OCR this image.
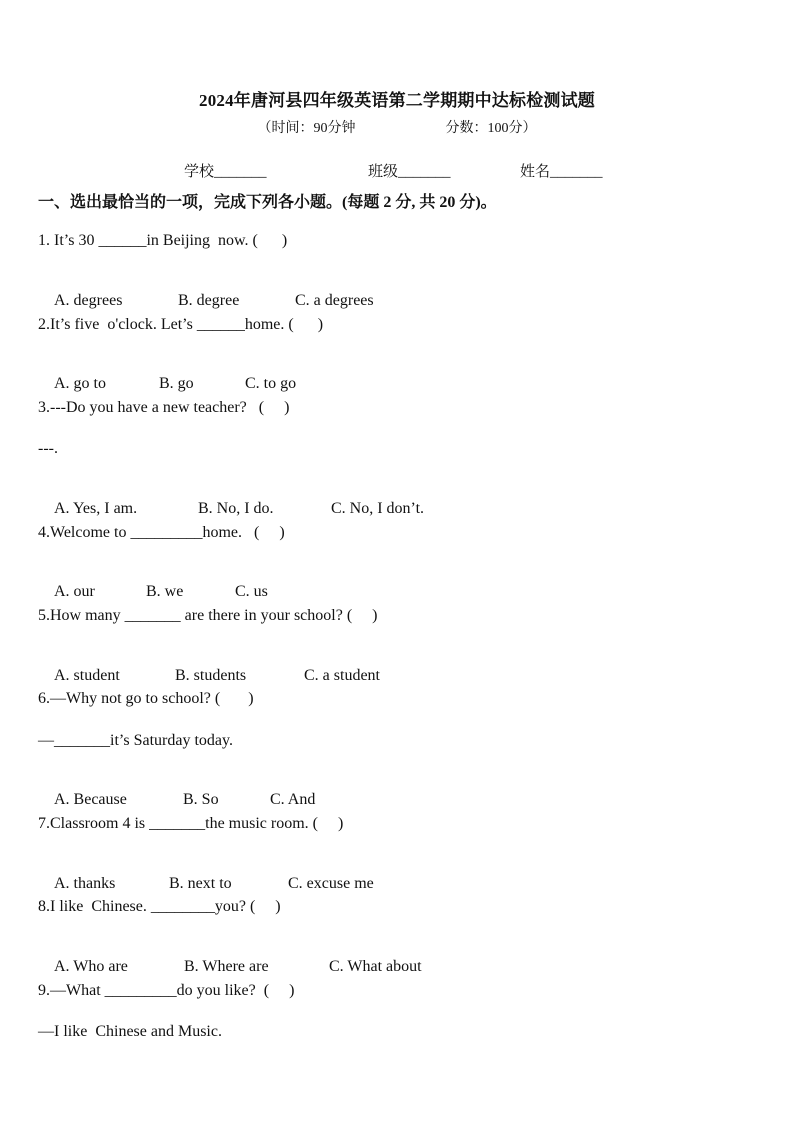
2024年唐河县四年级英语第二学期期中达标检测试题
（时间：90分钟	分数：100分）
学校_______	班级_______	姓名_______
一、选出最恰当的一项，完成下列各小题。(每题 2 分, 共 20 分)。
1. It’s 30 ______in Beijing  now. (      )

A. degrees	B. degree	C. a degrees

2.It’s five  o'clock. Let’s ______home. (      )

A. go to	B. go	C. to go

3.---Do you have a new teacher?   (     )
---.

A. Yes, I am.	B. No, I do.	C. No, I don’t.

4.Welcome to _________home.   (     )

A. our	B. we	C. us

5.How many _______ are there in your school? (     )

A. student	B. students	C. a student

6.—Why not go to school? (       )
—_______it’s Saturday today.

A. Because	B. So	C. And

7.Classroom 4 is _______the music room. (     )

A. thanks	B. next to	C. excuse me

8.I like  Chinese. ________you? (     )

A. Who are	B. Where are	C. What about

9.—What _________do you like?  (     )
—I like  Chinese and Music.
